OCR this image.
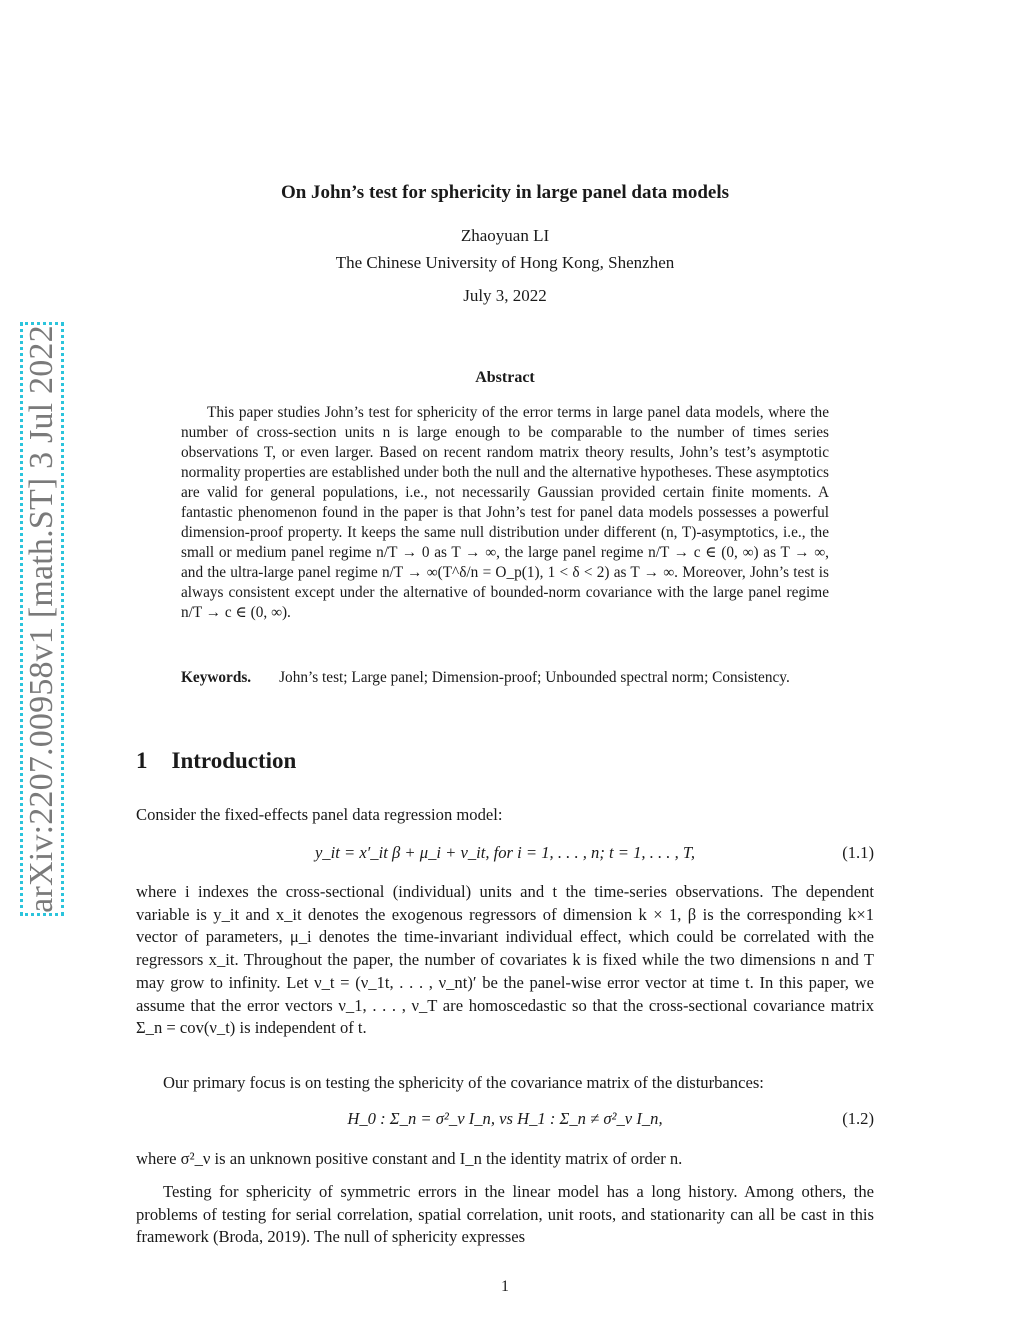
arXiv:2207.00958v1 [math.ST] 3 Jul 2022
On John’s test for sphericity in large panel data models
Zhaoyuan LI
The Chinese University of Hong Kong, Shenzhen
July 3, 2022
Abstract

This paper studies John’s test for sphericity of the error terms in large panel data models, where the number of cross-section units n is large enough to be comparable to the number of times series observations T, or even larger. Based on recent random matrix theory results, John’s test’s asymptotic normality properties are established under both the null and the alternative hypotheses. These asymptotics are valid for general populations, i.e., not necessarily Gaussian provided certain finite moments. A fantastic phenomenon found in the paper is that John’s test for panel data models possesses a powerful dimension-proof property. It keeps the same null distribution under different (n, T)-asymptotics, i.e., the small or medium panel regime n/T → 0 as T → ∞, the large panel regime n/T → c ∈ (0, ∞) as T → ∞, and the ultra-large panel regime n/T → ∞(T^δ/n = O_p(1), 1 < δ < 2) as T → ∞. Moreover, John’s test is always consistent except under the alternative of bounded-norm covariance with the large panel regime n/T → c ∈ (0, ∞).

Keywords. John’s test; Large panel; Dimension-proof; Unbounded spectral norm; Consistency.
1 Introduction

Consider the fixed-effects panel data regression model:

y_it = x′_it β + μ_i + ν_it, for i = 1, . . . , n; t = 1, . . . , T,	(1.1)

where i indexes the cross-sectional (individual) units and t the time-series observations. The dependent variable is y_it and x_it denotes the exogenous regressors of dimension k × 1, β is the corresponding k×1 vector of parameters, μ_i denotes the time-invariant individual effect, which could be correlated with the regressors x_it. Throughout the paper, the number of covariates k is fixed while the two dimensions n and T may grow to infinity. Let ν_t = (ν_1t, . . . , ν_nt)′ be the panel-wise error vector at time t. In this paper, we assume that the error vectors ν_1, . . . , ν_T are homoscedastic so that the cross-sectional covariance matrix Σ_n = cov(ν_t) is independent of t.

Our primary focus is on testing the sphericity of the covariance matrix of the disturbances:

H_0 : Σ_n = σ²_ν I_n, vs H_1 : Σ_n ≠ σ²_ν I_n,	(1.2)

where σ²_ν is an unknown positive constant and I_n the identity matrix of order n.

Testing for sphericity of symmetric errors in the linear model has a long history. Among others, the problems of testing for serial correlation, spatial correlation, unit roots, and stationarity can all be cast in this framework (Broda, 2019). The null of sphericity expresses

1
